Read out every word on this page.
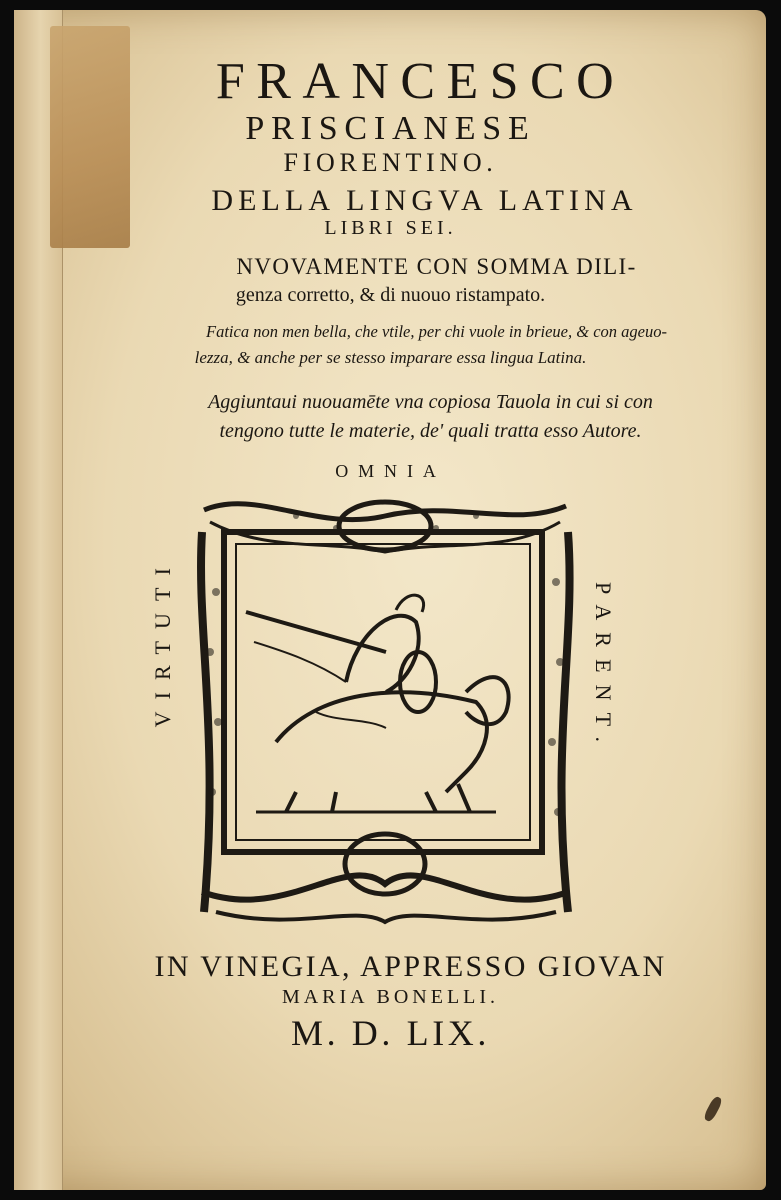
FRANCESCO
PRISCIANESE
FIORENTINO.
DELLA LINGVA LATINA
LIBRI SEI.
NVOVAMENTE CON SOMMA DILI-
genza corretto, & di nuouo ristampato.
Fatica non men bella, che vtile, per chi vuole in brieue, & con ageuo-
lezza, & anche per se stesso imparare essa lingua Latina.
Aggiuntaui nuouamēte vna copiosa Tauola in cui si con
tengono tutte le materie, de' quali tratta esso Autore.
OMNIA
VIRTUTI	PARENT.
IN VINEGIA, APPRESSO GIOVAN
MARIA BONELLI.
M. D. LIX.
